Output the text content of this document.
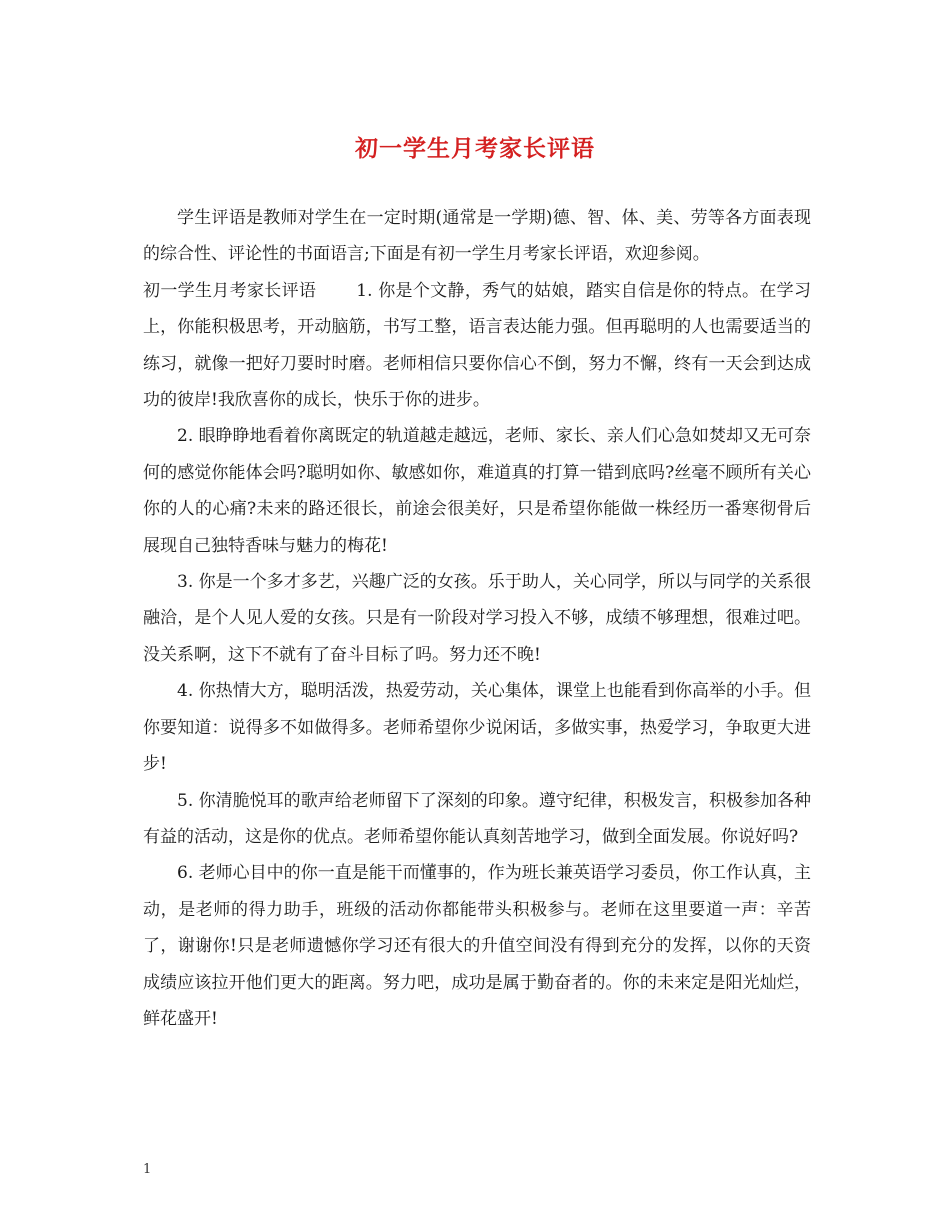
初一学生月考家长评语

学生评语是教师对学生在一定时期(通常是一学期)德、智、体、美、劳等各方面表现的综合性、评论性的书面语言;下面是有初一学生月考家长评语，欢迎参阅。

初一学生月考家长评语 1. 你是个文静，秀气的姑娘，踏实自信是你的特点。在学习上，你能积极思考，开动脑筋，书写工整，语言表达能力强。但再聪明的人也需要适当的练习，就像一把好刀要时时磨。老师相信只要你信心不倒，努力不懈，终有一天会到达成功的彼岸!我欣喜你的成长，快乐于你的进步。

2. 眼睁睁地看着你离既定的轨道越走越远，老师、家长、亲人们心急如焚却又无可奈何的感觉你能体会吗?聪明如你、敏感如你，难道真的打算一错到底吗?丝毫不顾所有关心你的人的心痛?未来的路还很长，前途会很美好，只是希望你能做一株经历一番寒彻骨后展现自己独特香味与魅力的梅花!

3. 你是一个多才多艺，兴趣广泛的女孩。乐于助人，关心同学，所以与同学的关系很融洽，是个人见人爱的女孩。只是有一阶段对学习投入不够，成绩不够理想，很难过吧。没关系啊，这下不就有了奋斗目标了吗。努力还不晚!

4. 你热情大方，聪明活泼，热爱劳动，关心集体，课堂上也能看到你高举的小手。但你要知道：说得多不如做得多。老师希望你少说闲话，多做实事，热爱学习，争取更大进步!

5. 你清脆悦耳的歌声给老师留下了深刻的印象。遵守纪律，积极发言，积极参加各种有益的活动，这是你的优点。老师希望你能认真刻苦地学习，做到全面发展。你说好吗?

6. 老师心目中的你一直是能干而懂事的，作为班长兼英语学习委员，你工作认真，主动，是老师的得力助手，班级的活动你都能带头积极参与。老师在这里要道一声：辛苦了，谢谢你!只是老师遗憾你学习还有很大的升值空间没有得到充分的发挥，以你的天资成绩应该拉开他们更大的距离。努力吧，成功是属于勤奋者的。你的未来定是阳光灿烂，鲜花盛开!

1
